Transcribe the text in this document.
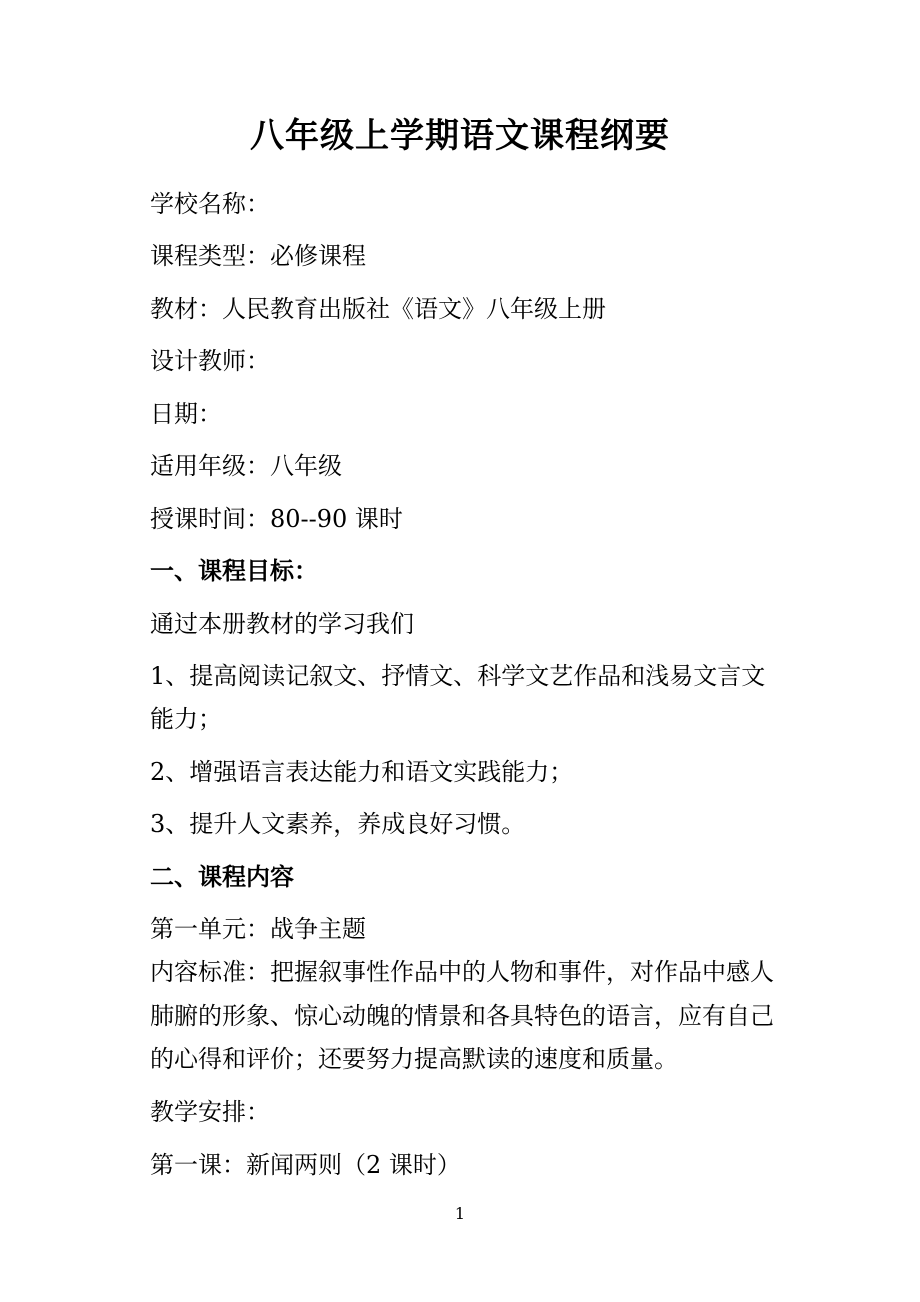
八年级上学期语文课程纲要
学校名称：
课程类型：必修课程
教材：人民教育出版社《语文》八年级上册
设计教师：
日期：
适用年级：八年级
授课时间：80--90 课时
一、课程目标：
通过本册教材的学习我们
1、提高阅读记叙文、抒情文、科学文艺作品和浅易文言文
能力；
2、增强语言表达能力和语文实践能力；
3、提升人文素养，养成良好习惯。
二、课程内容
第一单元：战争主题
内容标准：把握叙事性作品中的人物和事件，对作品中感人
肺腑的形象、惊心动魄的情景和各具特色的语言，应有自己
的心得和评价；还要努力提高默读的速度和质量。
教学安排：
第一课：新闻两则（2 课时）
1
